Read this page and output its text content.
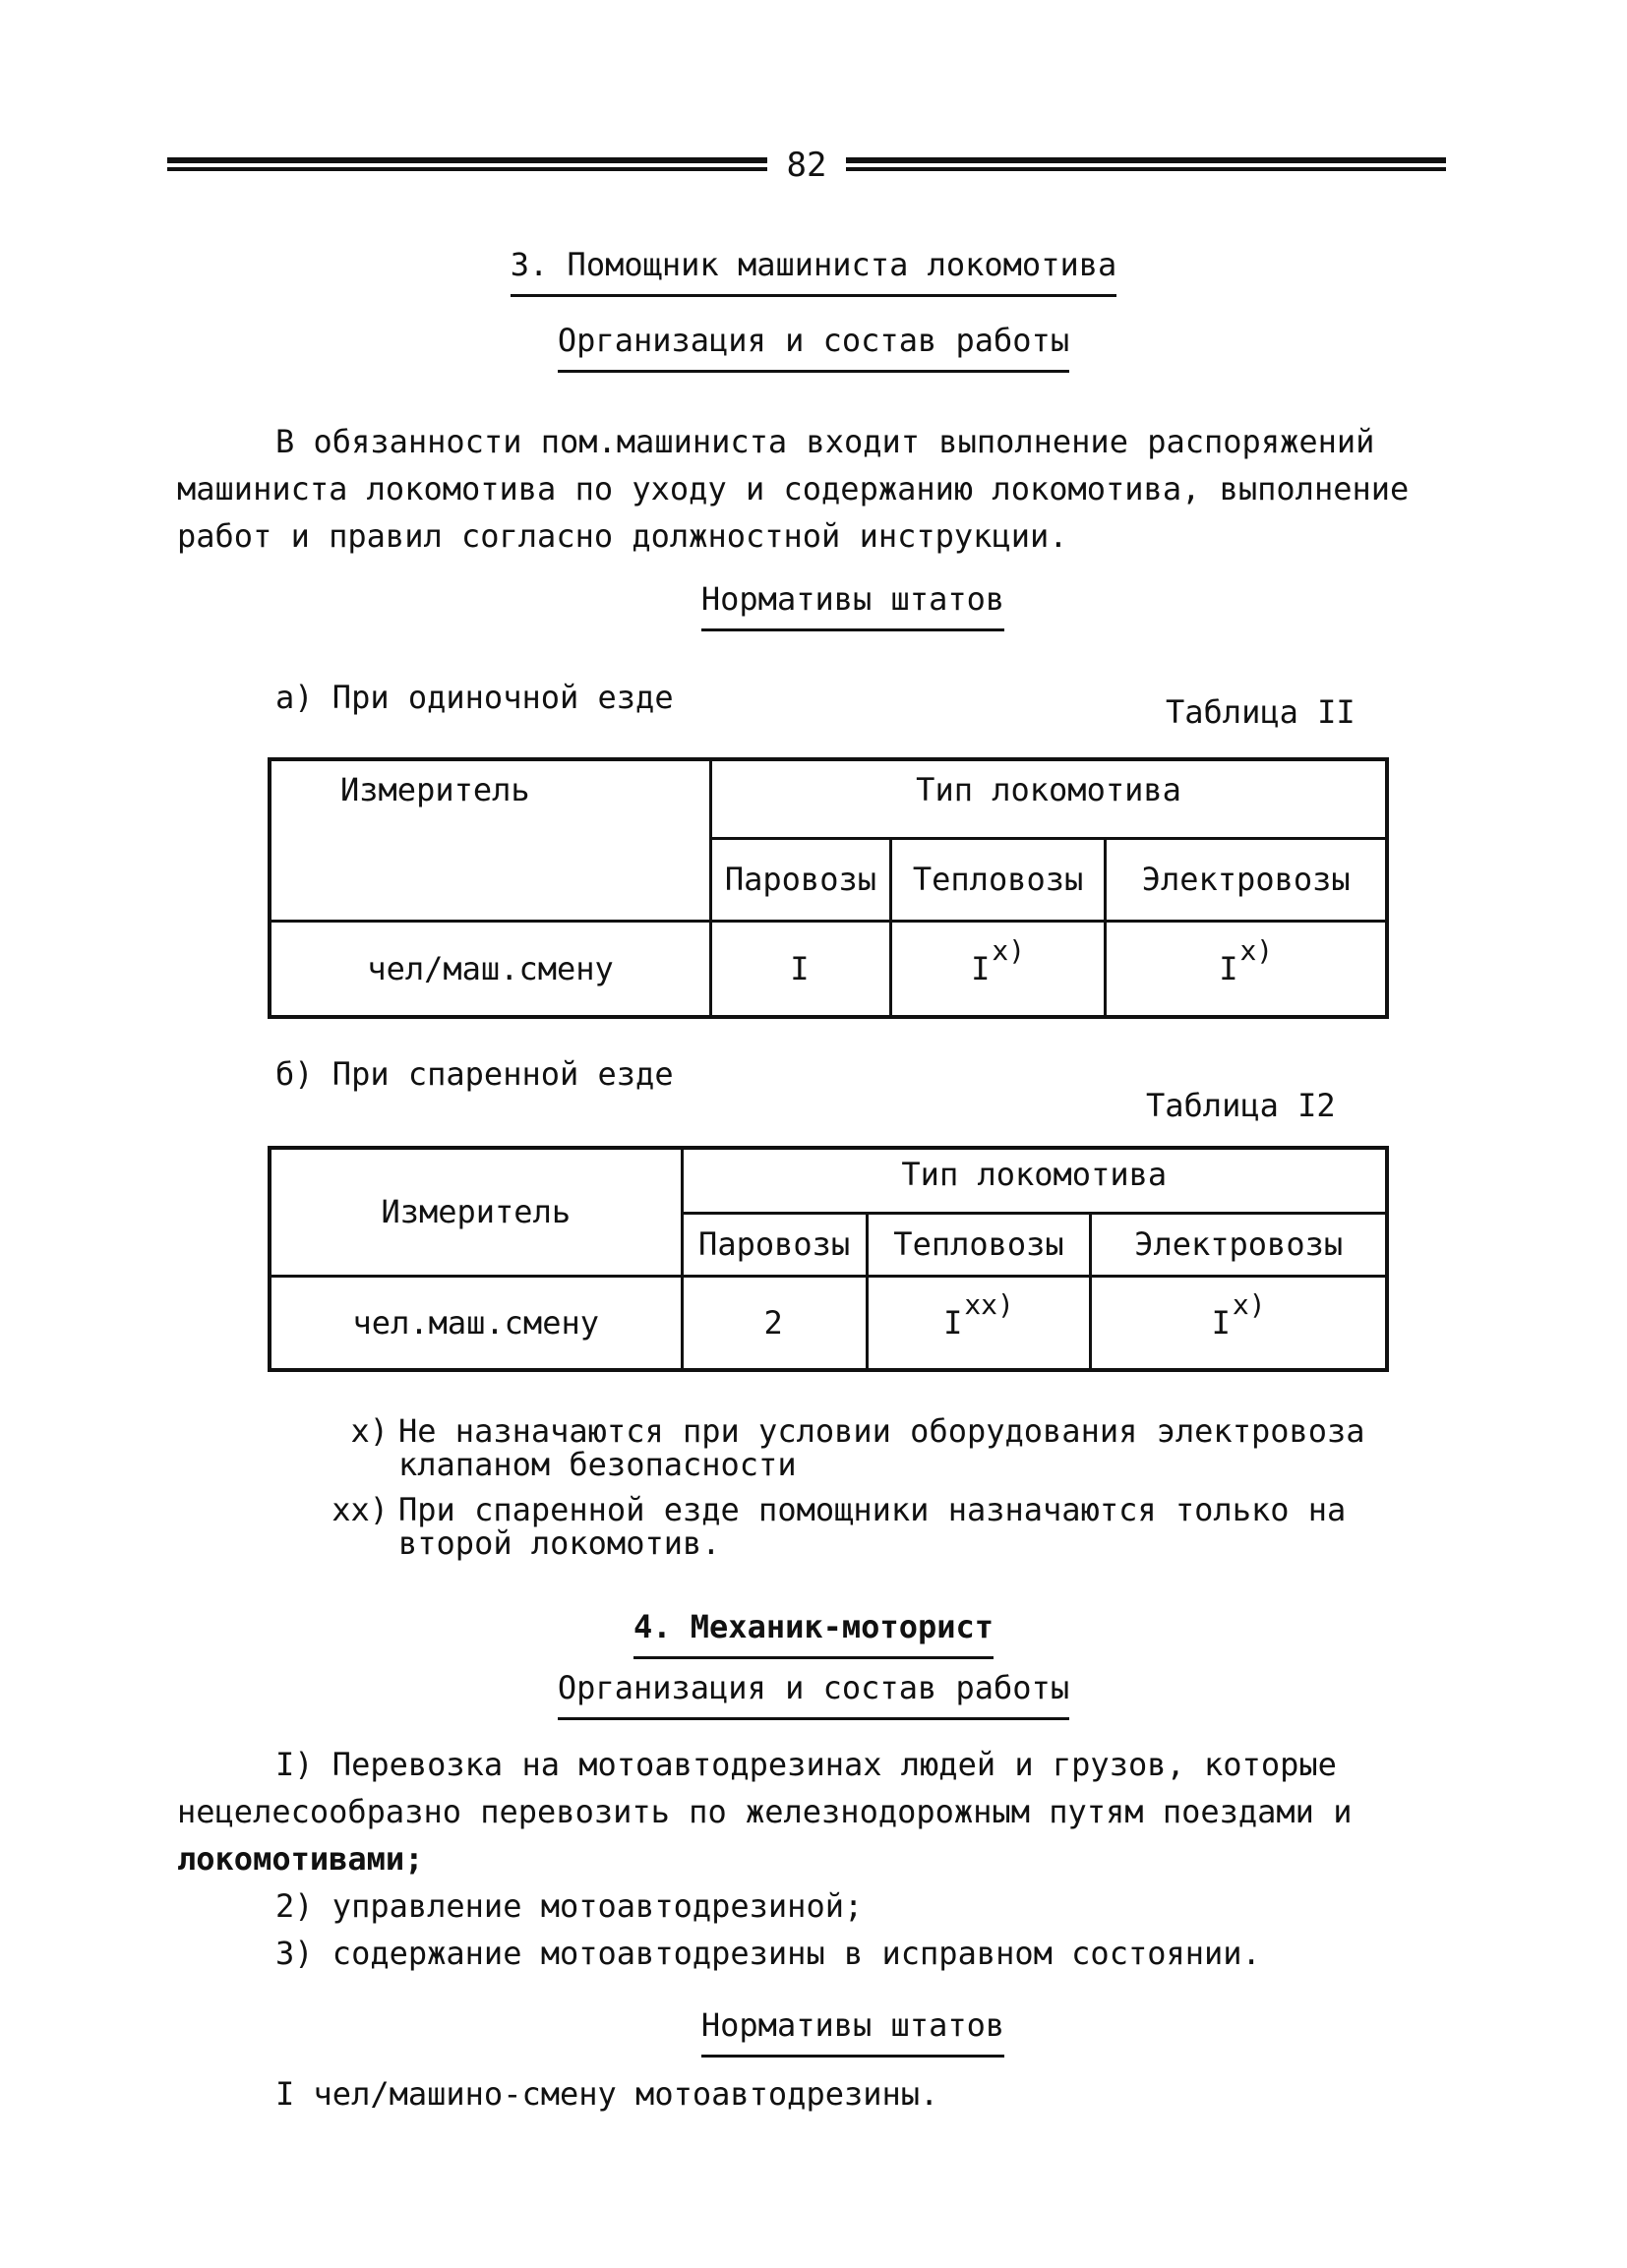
82
3. Помощник машиниста локомотива
Организация и состав работы
В обязанности пом.машиниста входит выполнение распоряжений
машиниста локомотива по уходу и содержанию локомотива, выполнение
работ и правил согласно должностной инструкции.
Нормативы штатов
а) При одиночной езде	Таблица II
Измеритель	Тип локомотива		
	Паровозы	Тепловозы	Электровозы
чел/маш.смену	I	Ix)	Ix)
б) При спаренной езде
Таблица I2
Измеритель	Тип локомотива		
	Паровозы	Тепловозы	Электровозы
чел.маш.смену	2	Ixx)	Ix)
x) Не назначаются при условии оборудования электровоза
клапаном безопасности
xx) При спаренной езде помощники назначаются только на
второй локомотив.
4. Механик-моторист
Организация и состав работы
I) Перевозка на мотоавтодрезинах людей и грузов, которые
нецелесообразно перевозить по железнодорожным путям поездами и
локомотивами;
2) управление мотоавтодрезиной;
3) содержание мотоавтодрезины в исправном состоянии.
Нормативы штатов
I чел/машино-смену мотоавтодрезины.
